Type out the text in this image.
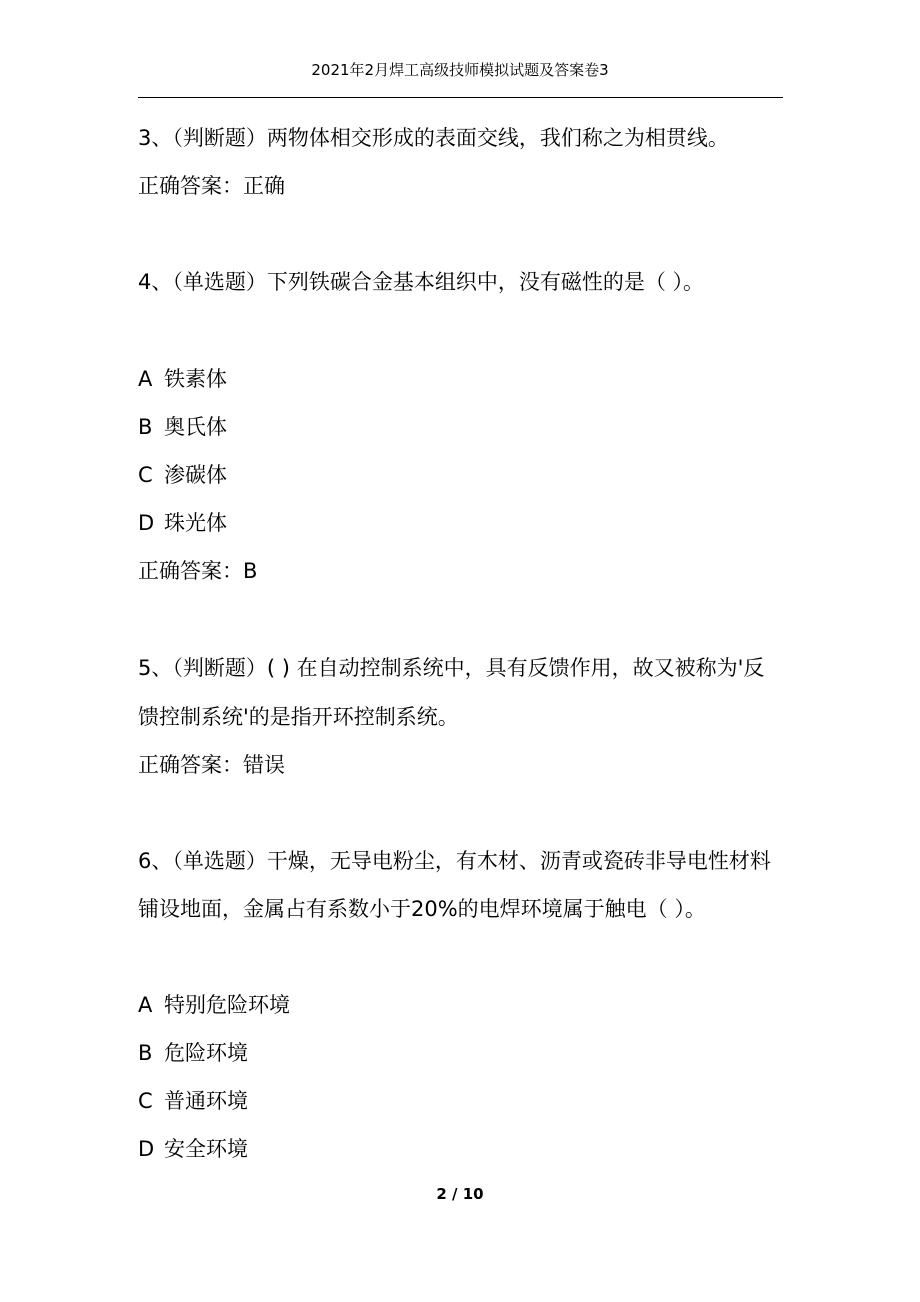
2021年2月焊工高级技师模拟试题及答案卷3
3、（判断题）两物体相交形成的表面交线，我们称之为相贯线。
正确答案：正确
4、（单选题）下列铁碳合金基本组织中，没有磁性的是（ ）。
A 铁素体
B 奥氏体
C 渗碳体
D 珠光体
正确答案：B
5、（判断题）( ) 在自动控制系统中，具有反馈作用，故又被称为'反
馈控制系统'的是指开环控制系统。
正确答案：错误
6、（单选题）干燥，无导电粉尘，有木材、沥青或瓷砖非导电性材料
铺设地面，金属占有系数小于20%的电焊环境属于触电（ ）。
A 特别危险环境
B 危险环境
C 普通环境
D 安全环境
2 / 10
